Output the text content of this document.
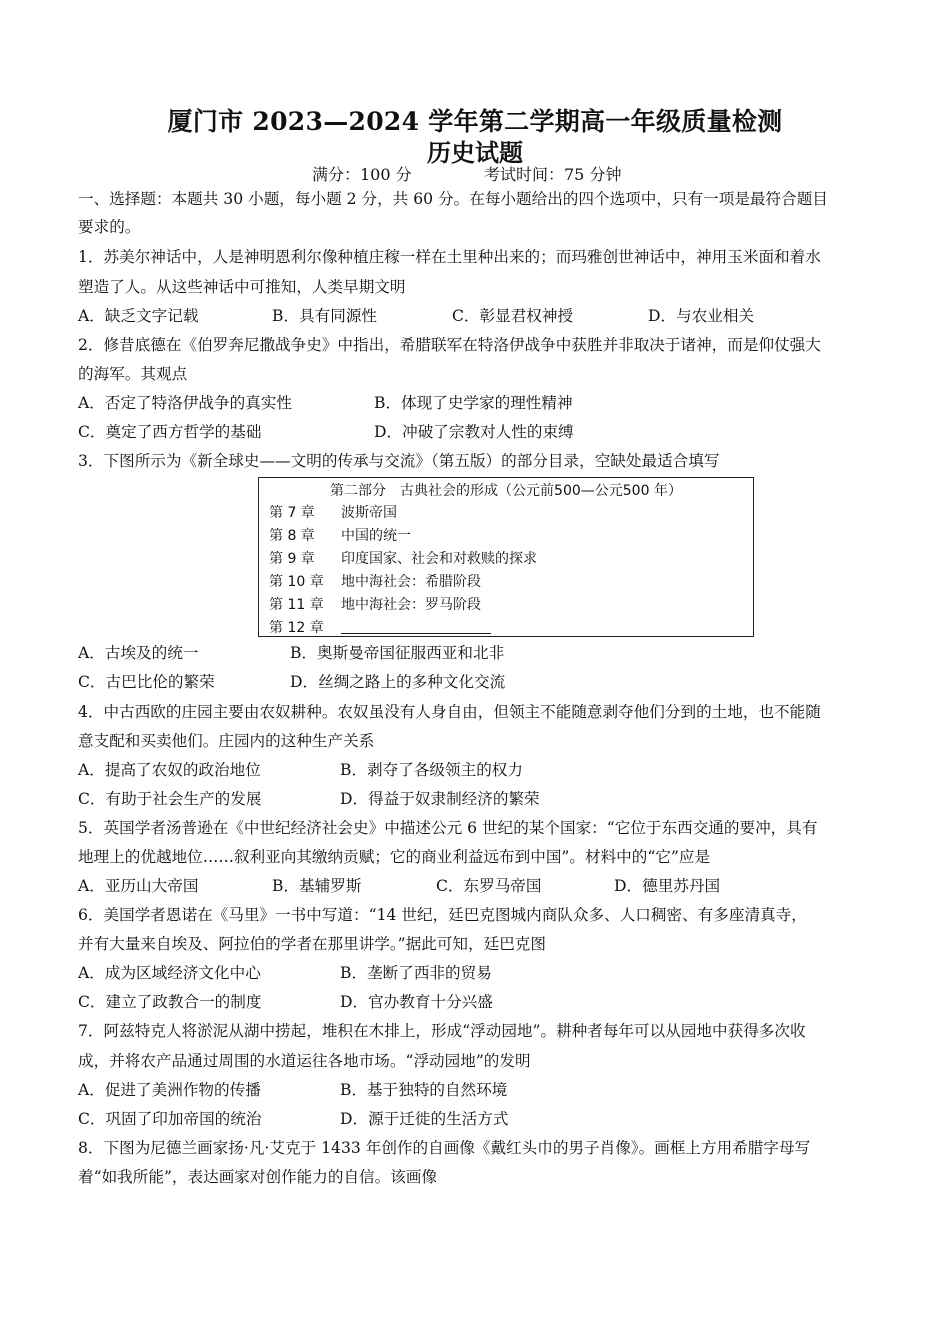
厦门市 2023—2024 学年第二学期高一年级质量检测
历史试题
满分：100 分	考试时间：75 分钟
一、选择题：本题共 30 小题，每小题 2 分，共 60 分。在每小题给出的四个选项中，只有一项是最符合题目
要求的。
1．苏美尔神话中，人是神明恩利尔像种植庄稼一样在土里种出来的；而玛雅创世神话中，神用玉米面和着水
塑造了人。从这些神话中可推知，人类早期文明
A．缺乏文字记载	B．具有同源性	C．彰显君权神授	D．与农业相关
2．修昔底德在《伯罗奔尼撒战争史》中指出，希腊联军在特洛伊战争中获胜并非取决于诸神，而是仰仗强大
的海军。其观点
A．否定了特洛伊战争的真实性	B．体现了史学家的理性精神
C．奠定了西方哲学的基础	D．冲破了宗教对人性的束缚
3．下图所示为《新全球史——文明的传承与交流》（第五版）的部分目录，空缺处最适合填写
第二部分　古典社会的形成（公元前500—公元500 年）
第 7 章 波斯帝国
第 8 章 中国的统一
第 9 章 印度国家、社会和对救赎的探求
第 10 章 地中海社会：希腊阶段
第 11 章 地中海社会：罗马阶段
第 12 章
A．古埃及的统一	B．奥斯曼帝国征服西亚和北非
C．古巴比伦的繁荣	D．丝绸之路上的多种文化交流
4．中古西欧的庄园主要由农奴耕种。农奴虽没有人身自由，但领主不能随意剥夺他们分到的土地，也不能随
意支配和买卖他们。庄园内的这种生产关系
A．提高了农奴的政治地位	B．剥夺了各级领主的权力
C．有助于社会生产的发展	D．得益于奴隶制经济的繁荣
5．英国学者汤普逊在《中世纪经济社会史》中描述公元 6 世纪的某个国家：“它位于东西交通的要冲，具有
地理上的优越地位……叙利亚向其缴纳贡赋；它的商业利益远布到中国”。材料中的“它”应是
A．亚历山大帝国	B．基辅罗斯	C．东罗马帝国	D．德里苏丹国
6．美国学者恩诺在《马里》一书中写道：“14 世纪，廷巴克图城内商队众多、人口稠密、有多座清真寺，
并有大量来自埃及、阿拉伯的学者在那里讲学。”据此可知，廷巴克图
A．成为区域经济文化中心	B．垄断了西非的贸易
C．建立了政教合一的制度	D．官办教育十分兴盛
7．阿兹特克人将淤泥从湖中捞起，堆积在木排上，形成“浮动园地”。耕种者每年可以从园地中获得多次收
成，并将农产品通过周围的水道运往各地市场。“浮动园地”的发明
A．促进了美洲作物的传播	B．基于独特的自然环境
C．巩固了印加帝国的统治	D．源于迁徙的生活方式
8．下图为尼德兰画家扬·凡·艾克于 1433 年创作的自画像《戴红头巾的男子肖像》。画框上方用希腊字母写
着“如我所能”，表达画家对创作能力的自信。该画像
